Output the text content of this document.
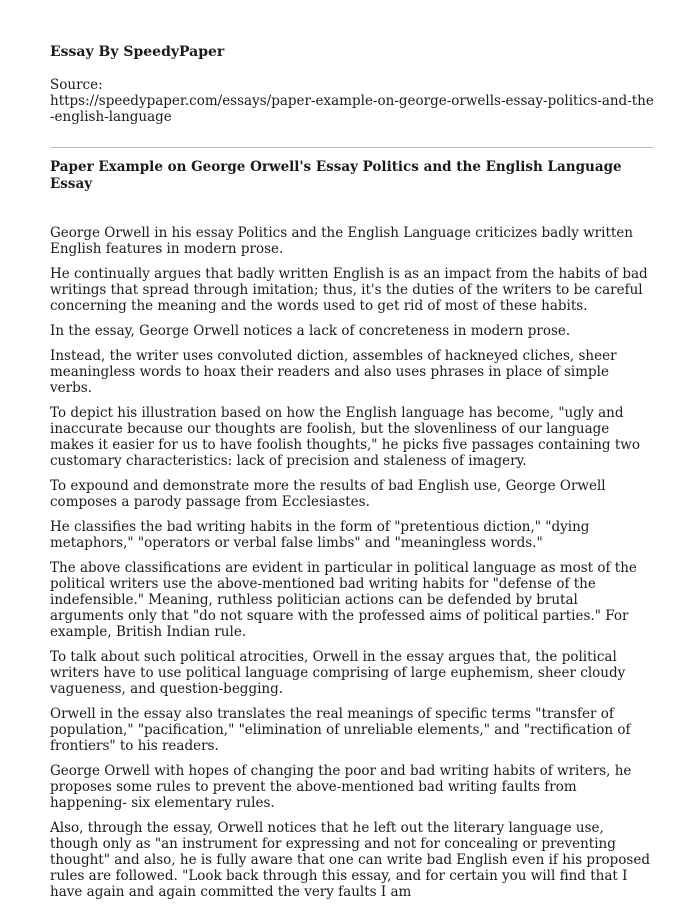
Essay By SpeedyPaper
Source:
https://speedypaper.com/essays/paper-example-on-george-orwells-essay-politics-and-the-english-language
Paper Example on George Orwell's Essay Politics and the English Language Essay

George Orwell in his essay Politics and the English Language criticizes badly written English features in modern prose.

He continually argues that badly written English is as an impact from the habits of bad writings that spread through imitation; thus, it's the duties of the writers to be careful concerning the meaning and the words used to get rid of most of these habits.

In the essay, George Orwell notices a lack of concreteness in modern prose.

Instead, the writer uses convoluted diction, assembles of hackneyed cliches, sheer meaningless words to hoax their readers and also uses phrases in place of simple verbs.

To depict his illustration based on how the English language has become, "ugly and inaccurate because our thoughts are foolish, but the slovenliness of our language makes it easier for us to have foolish thoughts," he picks five passages containing two customary characteristics: lack of precision and staleness of imagery.

To expound and demonstrate more the results of bad English use, George Orwell composes a parody passage from Ecclesiastes.

He classifies the bad writing habits in the form of "pretentious diction," "dying metaphors," "operators or verbal false limbs" and "meaningless words."

The above classifications are evident in particular in political language as most of the political writers use the above-mentioned bad writing habits for "defense of the indefensible." Meaning, ruthless politician actions can be defended by brutal arguments only that "do not square with the professed aims of political parties." For example, British Indian rule.

To talk about such political atrocities, Orwell in the essay argues that, the political writers have to use political language comprising of large euphemism, sheer cloudy vagueness, and question-begging.

Orwell in the essay also translates the real meanings of specific terms "transfer of population," "pacification," "elimination of unreliable elements," and "rectification of frontiers" to his readers.

George Orwell with hopes of changing the poor and bad writing habits of writers, he proposes some rules to prevent the above-mentioned bad writing faults from happening- six elementary rules.

Also, through the essay, Orwell notices that he left out the literary language use, though only as "an instrument for expressing and not for concealing or preventing thought" and also, he is fully aware that one can write bad English even if his proposed rules are followed. "Look back through this essay, and for certain you will find that I have again and again committed the very faults I am
